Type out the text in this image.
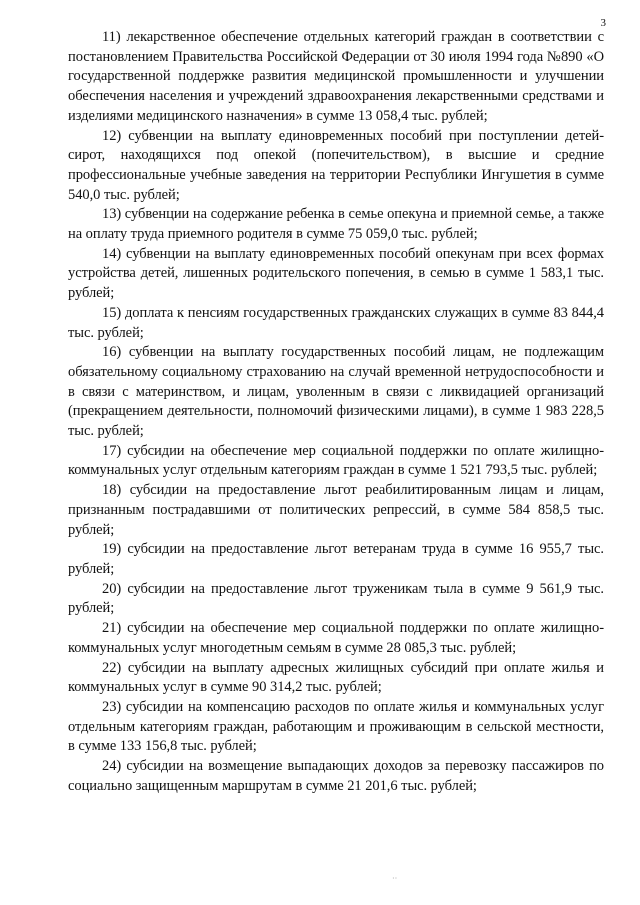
3

11) лекарственное обеспечение отдельных категорий граждан в соответствии с постановлением Правительства Российской Федерации от 30 июля 1994 года №890 «О государственной поддержке развития медицинской промышленности и улучшении обеспечения населения и учреждений здравоохранения лекарственными средствами и изделиями медицинского назначения» в сумме 13 058,4 тыс. рублей;

12) субвенции на выплату единовременных пособий при поступлении детей-сирот, находящихся под опекой (попечительством), в высшие и средние профессиональные учебные заведения на территории Республики Ингушетия в сумме 540,0 тыс. рублей;

13) субвенции на содержание ребенка в семье опекуна и приемной семье, а также на оплату труда приемного родителя в сумме 75 059,0 тыс. рублей;

14) субвенции на выплату единовременных пособий опекунам при всех формах устройства детей, лишенных родительского попечения, в семью в сумме 1 583,1 тыс. рублей;

15) доплата к пенсиям государственных гражданских служащих в сумме 83 844,4 тыс. рублей;

16) субвенции на выплату государственных пособий лицам, не подлежащим обязательному социальному страхованию на случай временной нетрудоспособности и в связи с материнством, и лицам, уволенным в связи с ликвидацией организаций (прекращением деятельности, полномочий физическими лицами), в сумме 1 983 228,5 тыс. рублей;

17) субсидии на обеспечение мер социальной поддержки по оплате жилищно-коммунальных услуг отдельным категориям граждан в сумме 1 521 793,5 тыс. рублей;

18) субсидии на предоставление льгот реабилитированным лицам и лицам, признанным пострадавшими от политических репрессий, в сумме 584 858,5 тыс. рублей;

19) субсидии на предоставление льгот ветеранам труда в сумме 16 955,7 тыс. рублей;

20) субсидии на предоставление льгот труженикам тыла в сумме 9 561,9 тыс. рублей;

21) субсидии на обеспечение мер социальной поддержки по оплате жилищно-коммунальных услуг многодетным семьям в сумме 28 085,3 тыс. рублей;

22) субсидии на выплату адресных жилищных субсидий при оплате жилья и коммунальных услуг в сумме 90 314,2 тыс. рублей;

23) субсидии на компенсацию расходов по оплате жилья и коммунальных услуг отдельным категориям граждан, работающим и проживающим в сельской местности, в сумме 133 156,8 тыс. рублей;

24) субсидии на возмещение выпадающих доходов за перевозку пассажиров по социально защищенным маршрутам в сумме 21 201,6 тыс. рублей;

··
